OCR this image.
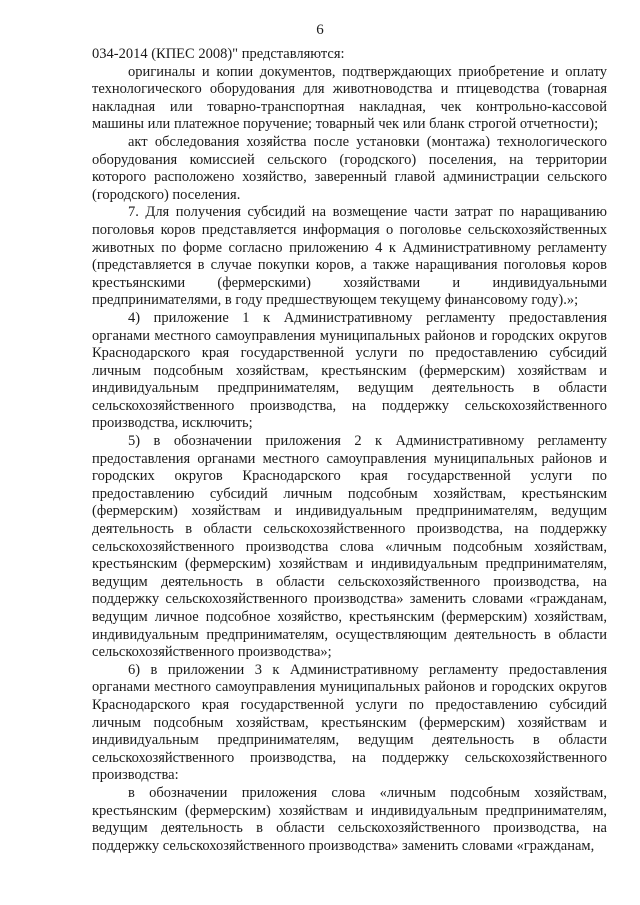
6

034-2014 (КПЕС 2008)" представляются:

оригиналы и копии документов, подтверждающих приобретение и оплату технологического оборудования для животноводства и птицеводства (товарная накладная или товарно-транспортная накладная, чек контрольно-кассовой машины или платежное поручение; товарный чек или бланк строгой отчетности);

акт обследования хозяйства после установки (монтажа) технологического оборудования комиссией сельского (городского) поселения, на территории которого расположено хозяйство, заверенный главой администрации сельского (городского) поселения.

7. Для получения субсидий на возмещение части затрат по наращиванию поголовья коров представляется информация о поголовье сельскохозяйственных животных по форме согласно приложению 4 к Административному регламенту (представляется в случае покупки коров, а также наращивания поголовья коров крестьянскими (фермерскими) хозяйствами и индивидуальными предпринимателями, в году предшествующем текущему финансовому году).»;

4) приложение 1 к Административному регламенту предоставления органами местного самоуправления муниципальных районов и городских округов Краснодарского края государственной услуги по предоставлению субсидий личным подсобным хозяйствам, крестьянским (фермерским) хозяйствам и индивидуальным предпринимателям, ведущим деятельность в области сельскохозяйственного производства, на поддержку сельскохозяйственного производства, исключить;

5) в обозначении приложения 2 к Административному регламенту предоставления органами местного самоуправления муниципальных районов и городских округов Краснодарского края государственной услуги по предоставлению субсидий личным подсобным хозяйствам, крестьянским (фермерским) хозяйствам и индивидуальным предпринимателям, ведущим деятельность в области сельскохозяйственного производства, на поддержку сельскохозяйственного производства слова «личным подсобным хозяйствам, крестьянским (фермерским) хозяйствам и индивидуальным предпринимателям, ведущим деятельность в области сельскохозяйственного производства, на поддержку сельскохозяйственного производства» заменить словами «гражданам, ведущим личное подсобное хозяйство, крестьянским (фермерским) хозяйствам, индивидуальным предпринимателям, осуществляющим деятельность в области сельскохозяйственного производства»;

6) в приложении 3 к Административному регламенту предоставления органами местного самоуправления муниципальных районов и городских округов Краснодарского края государственной услуги по предоставлению субсидий личным подсобным хозяйствам, крестьянским (фермерским) хозяйствам и индивидуальным предпринимателям, ведущим деятельность в области сельскохозяйственного производства, на поддержку сельскохозяйственного производства:

в обозначении приложения слова «личным подсобным хозяйствам, крестьянским (фермерским) хозяйствам и индивидуальным предпринимателям, ведущим деятельность в области сельскохозяйственного производства, на поддержку сельскохозяйственного производства» заменить словами «гражданам,
